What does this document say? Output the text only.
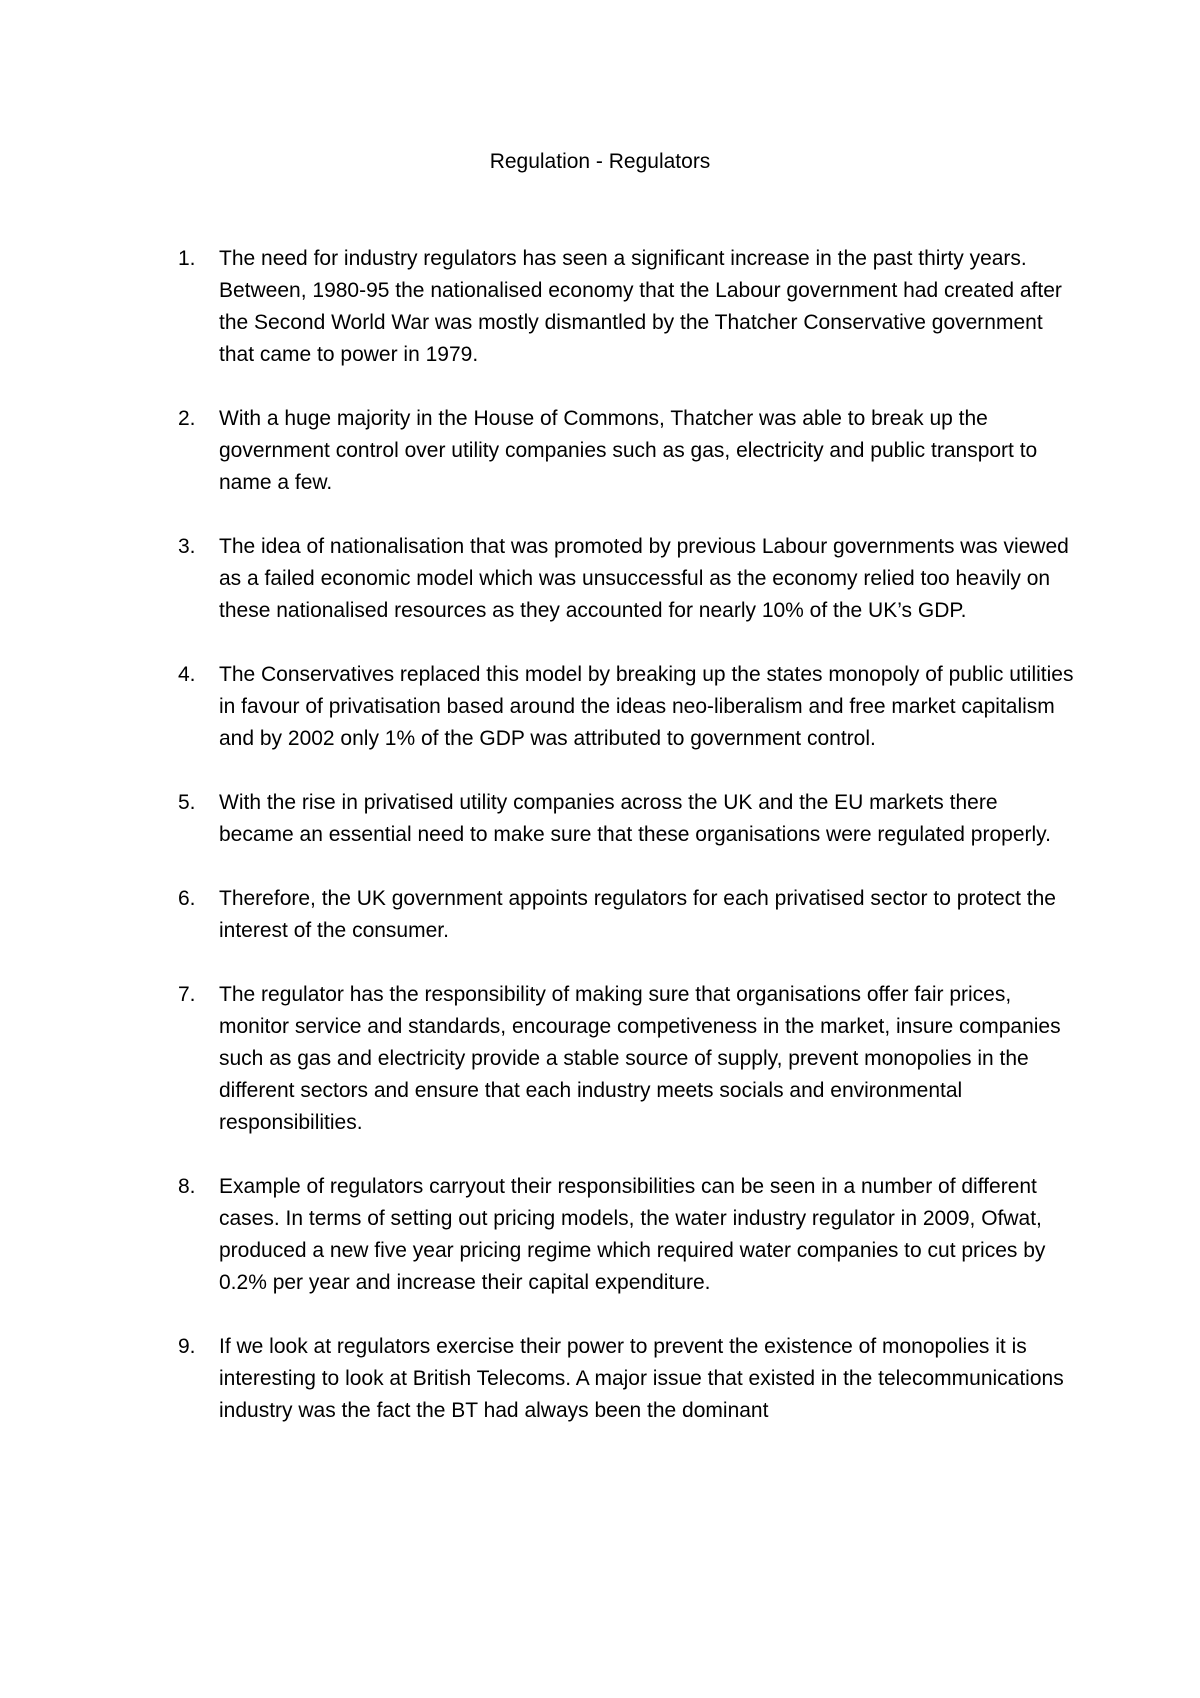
Regulation - Regulators
1.	The need for industry regulators has seen a significant increase in the past thirty years. Between, 1980-95 the nationalised economy that the Labour government had created after the Second World War was mostly dismantled by the Thatcher Conservative government that came to power in 1979.
2.	With a huge majority in the House of Commons, Thatcher was able to break up the government control over utility companies such as gas, electricity and public transport to name a few.
3.	The idea of nationalisation that was promoted by previous Labour governments was viewed as a failed economic model which was unsuccessful as the economy relied too heavily on these nationalised resources as they accounted for nearly 10% of the UK’s GDP.
4.	The Conservatives replaced this model by breaking up the states monopoly of public utilities in favour of privatisation based around the ideas neo-liberalism and free market capitalism and by 2002 only 1% of the GDP was attributed to government control.
5.	With the rise in privatised utility companies across the UK and the EU markets there became an essential need to make sure that these organisations were regulated properly.
6.	Therefore, the UK government appoints regulators for each privatised sector to protect the interest of the consumer.
7.	The regulator has the responsibility of making sure that organisations offer fair prices, monitor service and standards, encourage competiveness in the market, insure companies such as gas and electricity provide a stable source of supply, prevent monopolies in the different sectors and ensure that each industry meets socials and environmental responsibilities.
8.	Example of regulators carryout their responsibilities can be seen in a number of different cases. In terms of setting out pricing models, the water industry regulator in 2009, Ofwat, produced a new five year pricing regime which required water companies to cut prices by 0.2% per year and increase their capital expenditure.
9.	If we look at regulators exercise their power to prevent the existence of monopolies it is interesting to look at British Telecoms. A major issue that existed in the telecommunications industry was the fact the BT had always been the dominant
